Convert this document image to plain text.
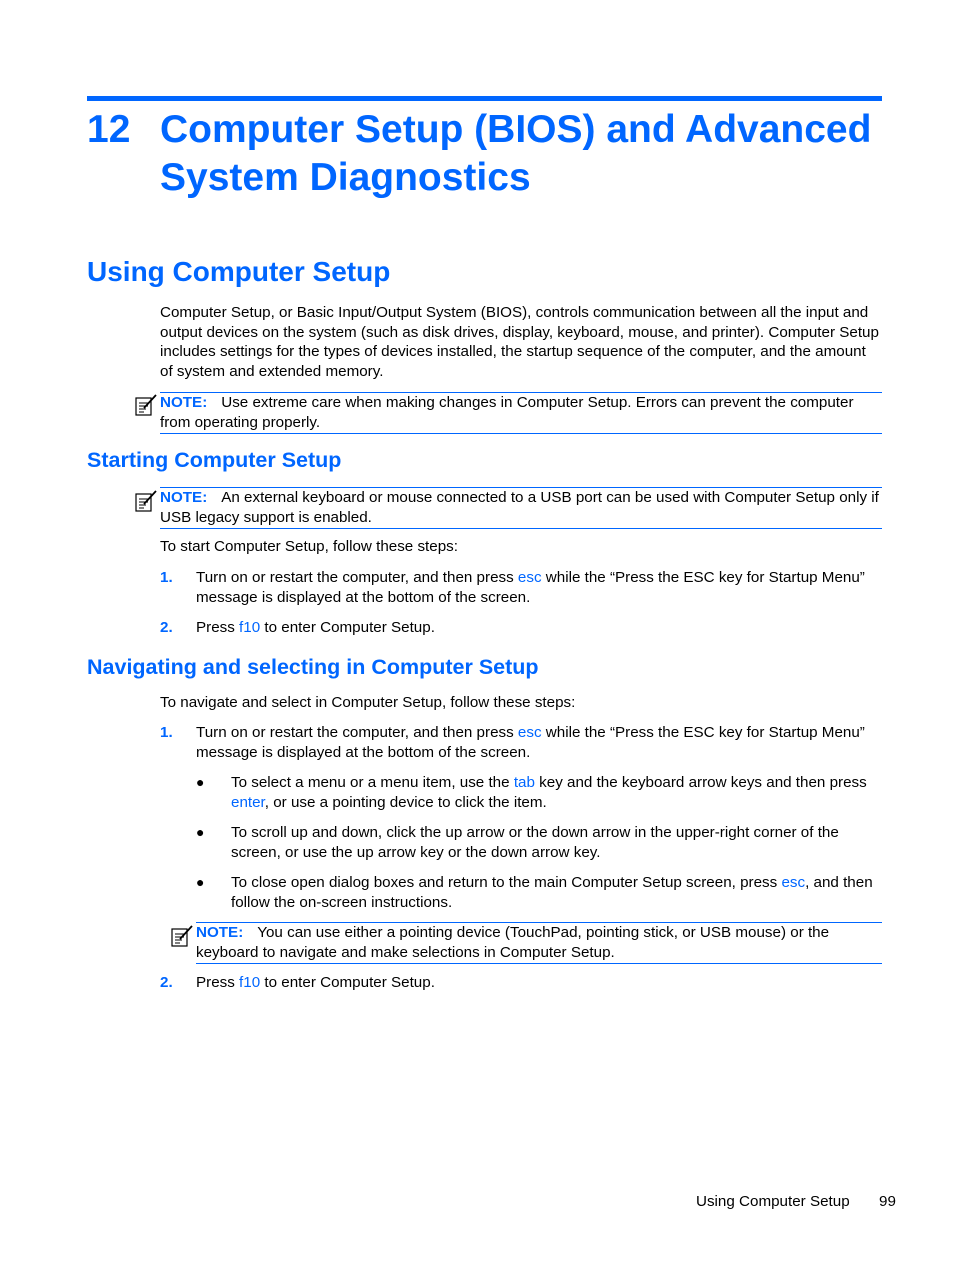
12 Computer Setup (BIOS) and Advanced
System Diagnostics
Using Computer Setup

Computer Setup, or Basic Input/Output System (BIOS), controls communication between all the input and output devices on the system (such as disk drives, display, keyboard, mouse, and printer). Computer Setup includes settings for the types of devices installed, the startup sequence of the computer, and the amount of system and extended memory.

NOTE: Use extreme care when making changes in Computer Setup. Errors can prevent the computer from operating properly.
Starting Computer Setup
NOTE: An external keyboard or mouse connected to a USB port can be used with Computer Setup only if USB legacy support is enabled.

To start Computer Setup, follow these steps:

1. Turn on or restart the computer, and then press esc while the “Press the ESC key for Startup Menu” message is displayed at the bottom of the screen.

2. Press f10 to enter Computer Setup.

Navigating and selecting in Computer Setup

To navigate and select in Computer Setup, follow these steps:

1. Turn on or restart the computer, and then press esc while the “Press the ESC key for Startup Menu” message is displayed at the bottom of the screen.

● To select a menu or a menu item, use the tab key and the keyboard arrow keys and then press enter, or use a pointing device to click the item.

● To scroll up and down, click the up arrow or the down arrow in the upper-right corner of the screen, or use the up arrow key or the down arrow key.

● To close open dialog boxes and return to the main Computer Setup screen, press esc, and then follow the on-screen instructions.

NOTE: You can use either a pointing device (TouchPad, pointing stick, or USB mouse) or the keyboard to navigate and make selections in Computer Setup.
2. Press f10 to enter Computer Setup.

Using Computer Setup 99
